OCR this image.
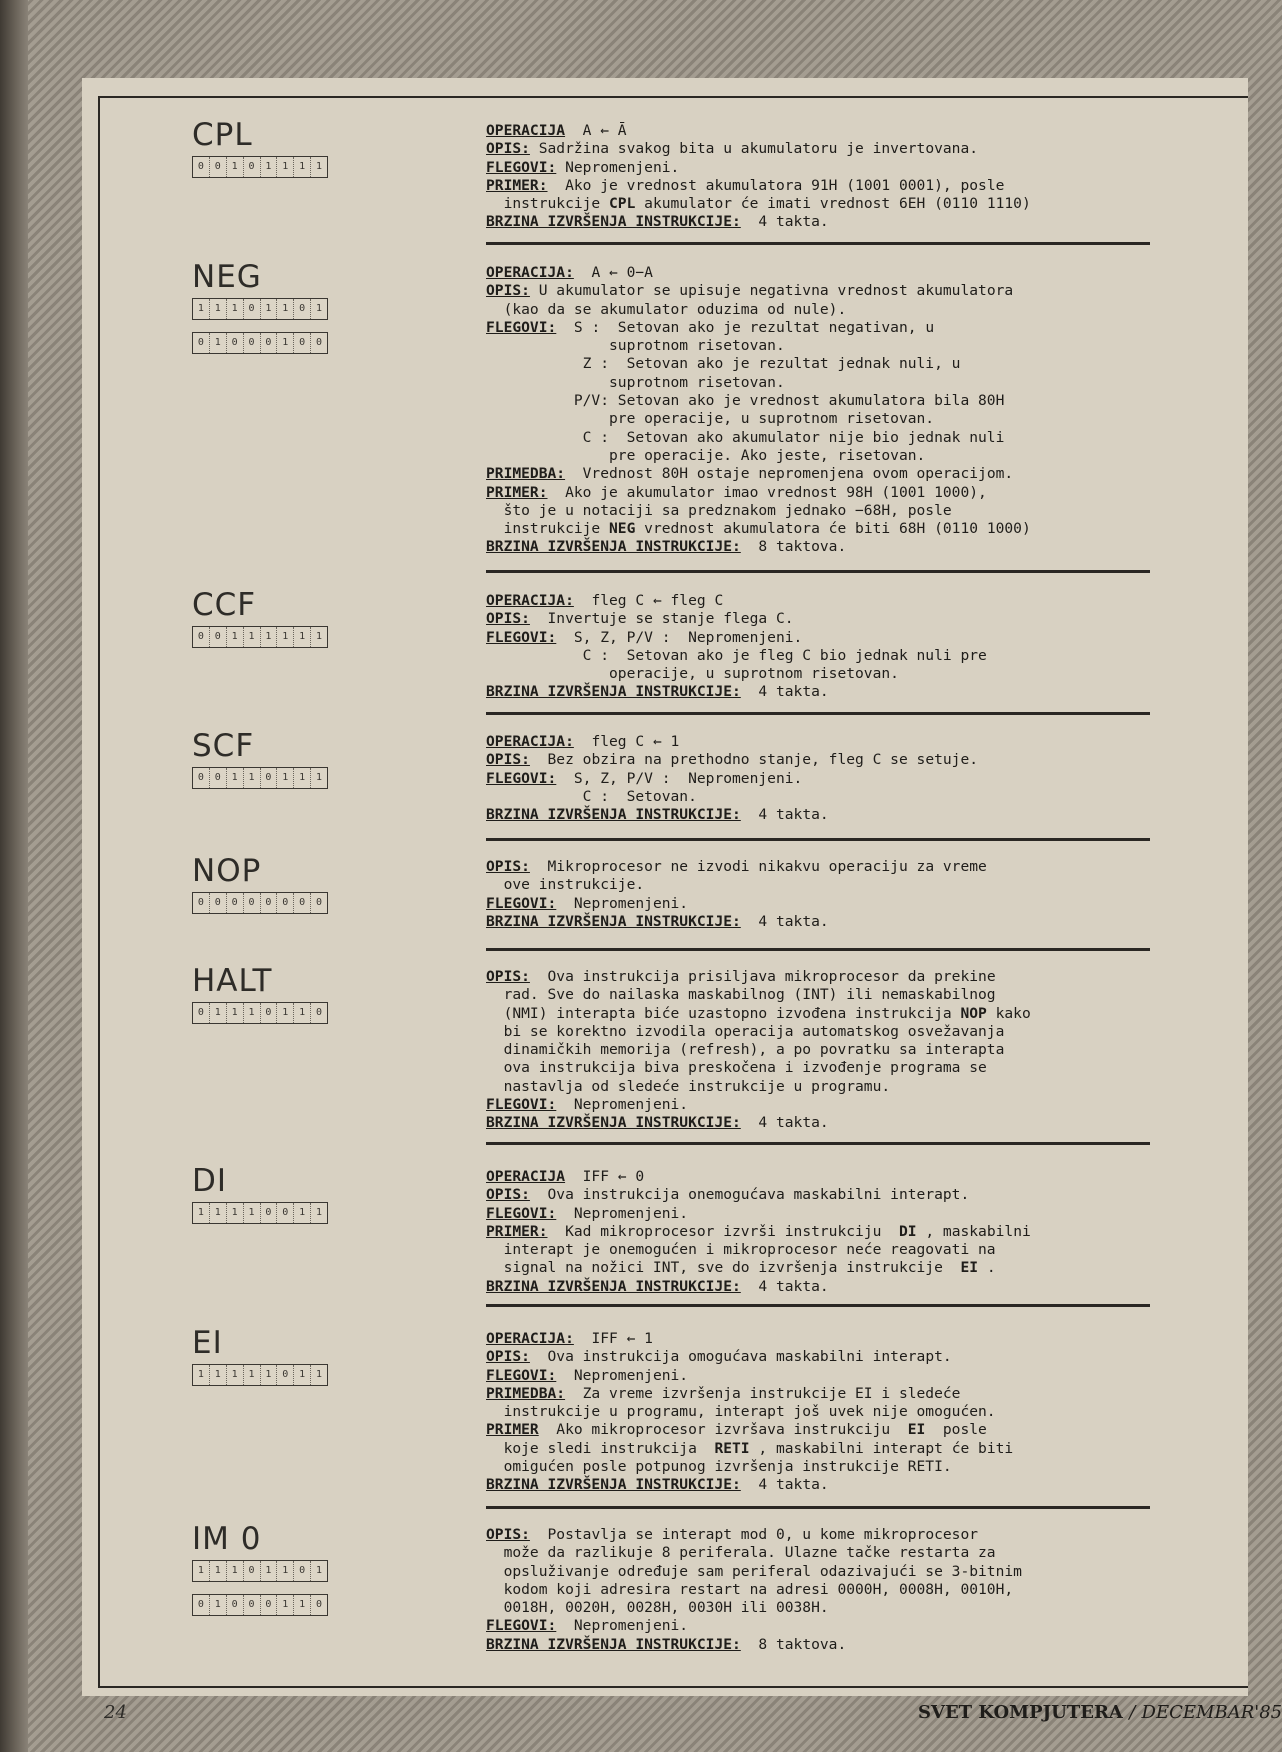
CPL
0	0	1	0	1	1	1	1
OPERACIJA  A ← Ā
OPIS: Sadržina svakog bita u akumulatoru je invertovana.
FLEGOVI: Nepromenjeni.
PRIMER:  Ako je vrednost akumulatora 91H (1001 0001), posle
instrukcije CPL akumulator će imati vrednost 6EH (0110 1110)
BRZINA IZVRŠENJA INSTRUKCIJE:  4 takta.
NEG
1	1	1	0	1	1	0	1
0	1	0	0	0	1	0	0
OPERACIJA:  A ← 0−A
OPIS: U akumulator se upisuje negativna vrednost akumulatora
(kao da se akumulator oduzima od nule).
FLEGOVI:  S :  Setovan ako je rezultat negativan, u
suprotnom risetovan.
Z :  Setovan ako je rezultat jednak nuli, u
suprotnom risetovan.
P/V: Setovan ako je vrednost akumulatora bila 80H
pre operacije, u suprotnom risetovan.
C :  Setovan ako akumulator nije bio jednak nuli
pre operacije. Ako jeste, risetovan.
PRIMEDBA:  Vrednost 80H ostaje nepromenjena ovom operacijom.
PRIMER:  Ako je akumulator imao vrednost 98H (1001 1000),
što je u notaciji sa predznakom jednako −68H, posle
instrukcije NEG vrednost akumulatora će biti 68H (0110 1000)
BRZINA IZVRŠENJA INSTRUKCIJE:  8 taktova.
CCF
0	0	1	1	1	1	1	1
OPERACIJA:  fleg C ← fleg C
OPIS:  Invertuje se stanje flega C.
FLEGOVI:  S, Z, P/V :  Nepromenjeni.
C :  Setovan ako je fleg C bio jednak nuli pre
operacije, u suprotnom risetovan.
BRZINA IZVRŠENJA INSTRUKCIJE:  4 takta.
SCF
0	0	1	1	0	1	1	1
OPERACIJA:  fleg C ← 1
OPIS:  Bez obzira na prethodno stanje, fleg C se setuje.
FLEGOVI:  S, Z, P/V :  Nepromenjeni.
C :  Setovan.
BRZINA IZVRŠENJA INSTRUKCIJE:  4 takta.
NOP
0	0	0	0	0	0	0	0
OPIS:  Mikroprocesor ne izvodi nikakvu operaciju za vreme
ove instrukcije.
FLEGOVI:  Nepromenjeni.
BRZINA IZVRŠENJA INSTRUKCIJE:  4 takta.
HALT
0	1	1	1	0	1	1	0
OPIS:  Ova instrukcija prisiljava mikroprocesor da prekine
rad. Sve do nailaska maskabilnog (INT) ili nemaskabilnog
(NMI) interapta biće uzastopno izvođena instrukcija NOP kako
bi se korektno izvodila operacija automatskog osvežavanja
dinamičkih memorija (refresh), a po povratku sa interapta
ova instrukcija biva preskočena i izvođenje programa se
nastavlja od sledeće instrukcije u programu.
FLEGOVI:  Nepromenjeni.
BRZINA IZVRŠENJA INSTRUKCIJE:  4 takta.
DI
1	1	1	1	0	0	1	1
OPERACIJA  IFF ← 0
OPIS:  Ova instrukcija onemogućava maskabilni interapt.
FLEGOVI:  Nepromenjeni.
PRIMER:  Kad mikroprocesor izvrši instrukciju  DI , maskabilni
interapt je onemogućen i mikroprocesor neće reagovati na
signal na nožici INT, sve do izvršenja instrukcije  EI .
BRZINA IZVRŠENJA INSTRUKCIJE:  4 takta.
EI
1	1	1	1	1	0	1	1
OPERACIJA:  IFF ← 1
OPIS:  Ova instrukcija omogućava maskabilni interapt.
FLEGOVI:  Nepromenjeni.
PRIMEDBA:  Za vreme izvršenja instrukcije EI i sledeće
instrukcije u programu, interapt još uvek nije omogućen.
PRIMER  Ako mikroprocesor izvršava instrukciju  EI  posle
koje sledi instrukcija  RETI , maskabilni interapt će biti
omigućen posle potpunog izvršenja instrukcije RETI.
BRZINA IZVRŠENJA INSTRUKCIJE:  4 takta.
IM 0
1	1	1	0	1	1	0	1
0	1	0	0	0	1	1	0
OPIS:  Postavlja se interapt mod 0, u kome mikroprocesor
može da razlikuje 8 periferala. Ulazne tačke restarta za
opsluživanje određuje sam periferal odazivajući se 3-bitnim
kodom koji adresira restart na adresi 0000H, 0008H, 0010H,
0018H, 0020H, 0028H, 0030H ili 0038H.
FLEGOVI:  Nepromenjeni.
BRZINA IZVRŠENJA INSTRUKCIJE:  8 taktova.
24	SVET KOMPJUTERA / DECEMBAR'85
